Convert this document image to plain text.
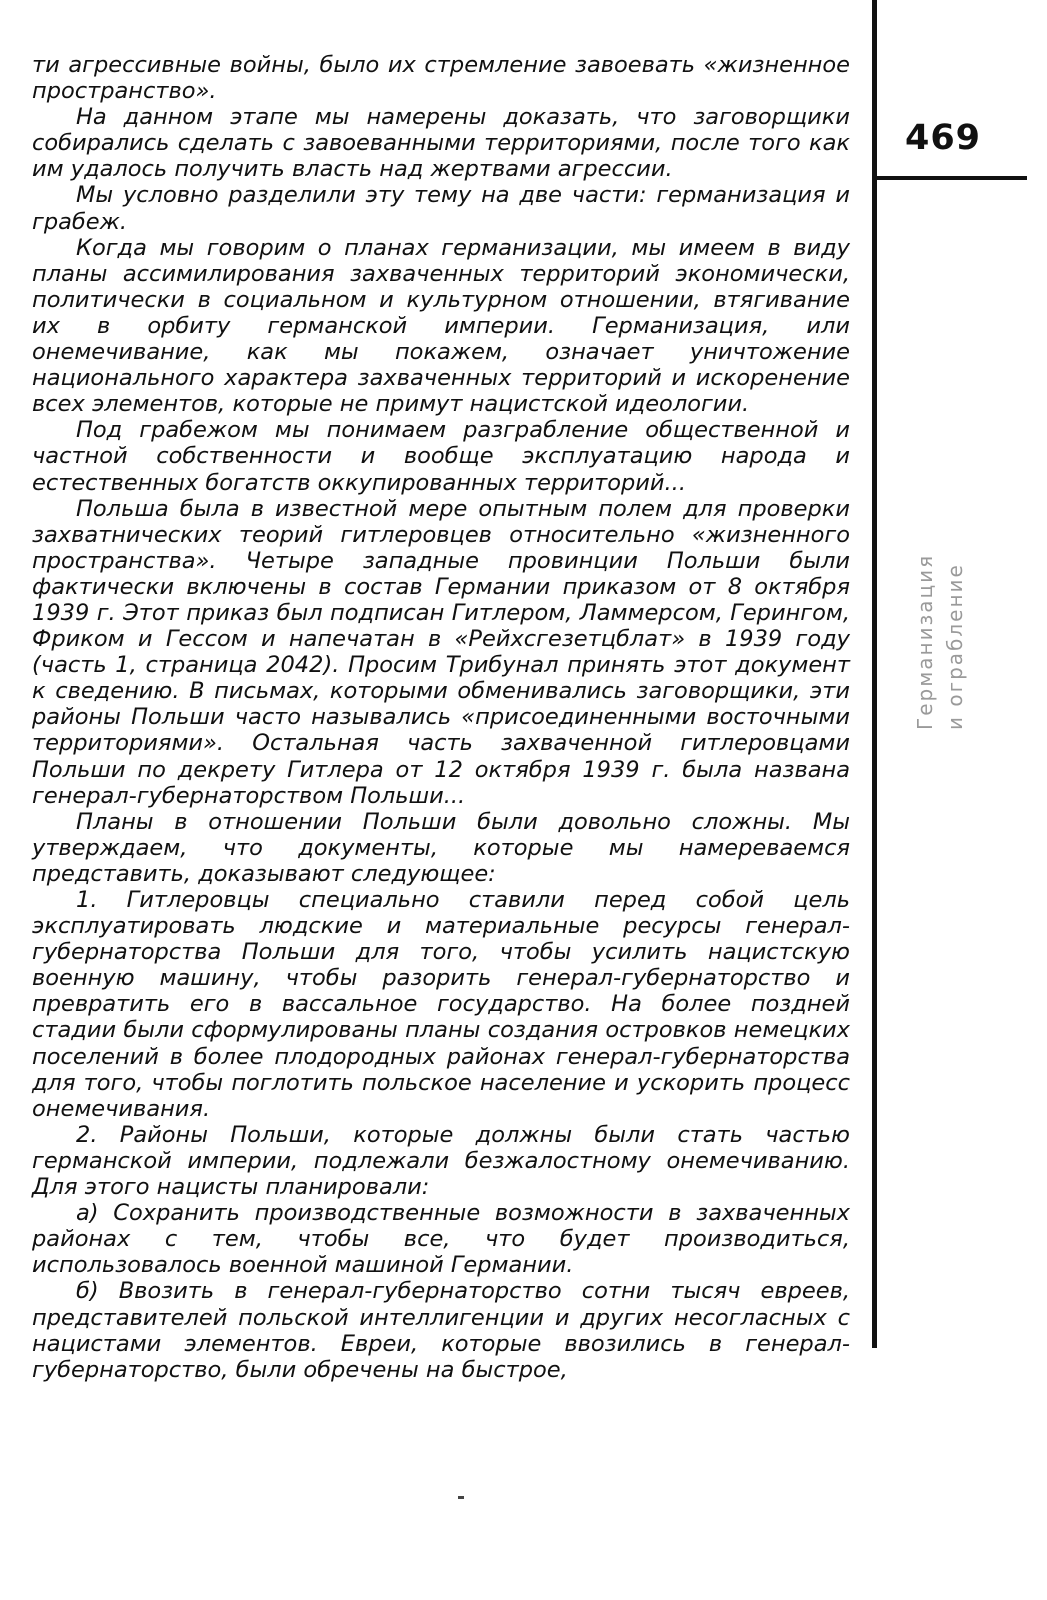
ти агрессивные войны, было их стремление завоевать «жизненное пространство».

На данном этапе мы намерены доказать, что заговорщики собирались сделать с завоеванными территориями, после того как им удалось получить власть над жертвами агрессии.

Мы условно разделили эту тему на две части: германизация и грабеж.

Когда мы говорим о планах германизации, мы имеем в виду планы ассимилирования захваченных территорий экономически, политически в социальном и культурном отношении, втягивание их в орбиту германской империи. Германизация, или онемечивание, как мы покажем, означает уничтожение национального характера захваченных территорий и искоренение всех элементов, которые не примут нацистской идеологии.

Под грабежом мы понимаем разграбление общественной и частной собственности и вообще эксплуатацию народа и естественных богатств оккупированных территорий...

Польша была в известной мере опытным полем для проверки захватнических теорий гитлеровцев относительно «жизненного пространства». Четыре западные провинции Польши были фактически включены в состав Германии приказом от 8 октября 1939 г. Этот приказ был подписан Гитлером, Ламмерсом, Герингом, Фриком и Гессом и напечатан в «Рейхсгезетцблат» в 1939 году (часть 1, страница 2042). Просим Трибунал принять этот документ к сведению. В письмах, которыми обменивались заговорщики, эти районы Польши часто назывались «присоединенными восточными территориями». Остальная часть захваченной гитлеровцами Польши по декрету Гитлера от 12 октября 1939 г. была названа генерал-губернаторством Польши...

Планы в отношении Польши были довольно сложны. Мы утверждаем, что документы, которые мы намереваемся представить, доказывают следующее:

1. Гитлеровцы специально ставили перед собой цель эксплуатировать людские и материальные ресурсы генерал-губернаторства Польши для того, чтобы усилить нацистскую военную машину, чтобы разорить генерал-губернаторство и превратить его в вассальное государство. На более поздней стадии были сформулированы планы создания островков немецких поселений в более плодородных районах генерал-губернаторства для того, чтобы поглотить польское население и ускорить процесс онемечивания.

2. Районы Польши, которые должны были стать частью германской империи, подлежали безжалостному онемечиванию. Для этого нацисты планировали:

а) Сохранить производственные возможности в захваченных районах с тем, чтобы все, что будет производиться, использовалось военной машиной Германии.

б) Ввозить в генерал-губернаторство сотни тысяч евреев, представителей польской интеллигенции и других несогласных с нацистами элементов. Евреи, которые ввозились в генерал-губернаторство, были обречены на быстрое,

469
Германизация и ограбление
